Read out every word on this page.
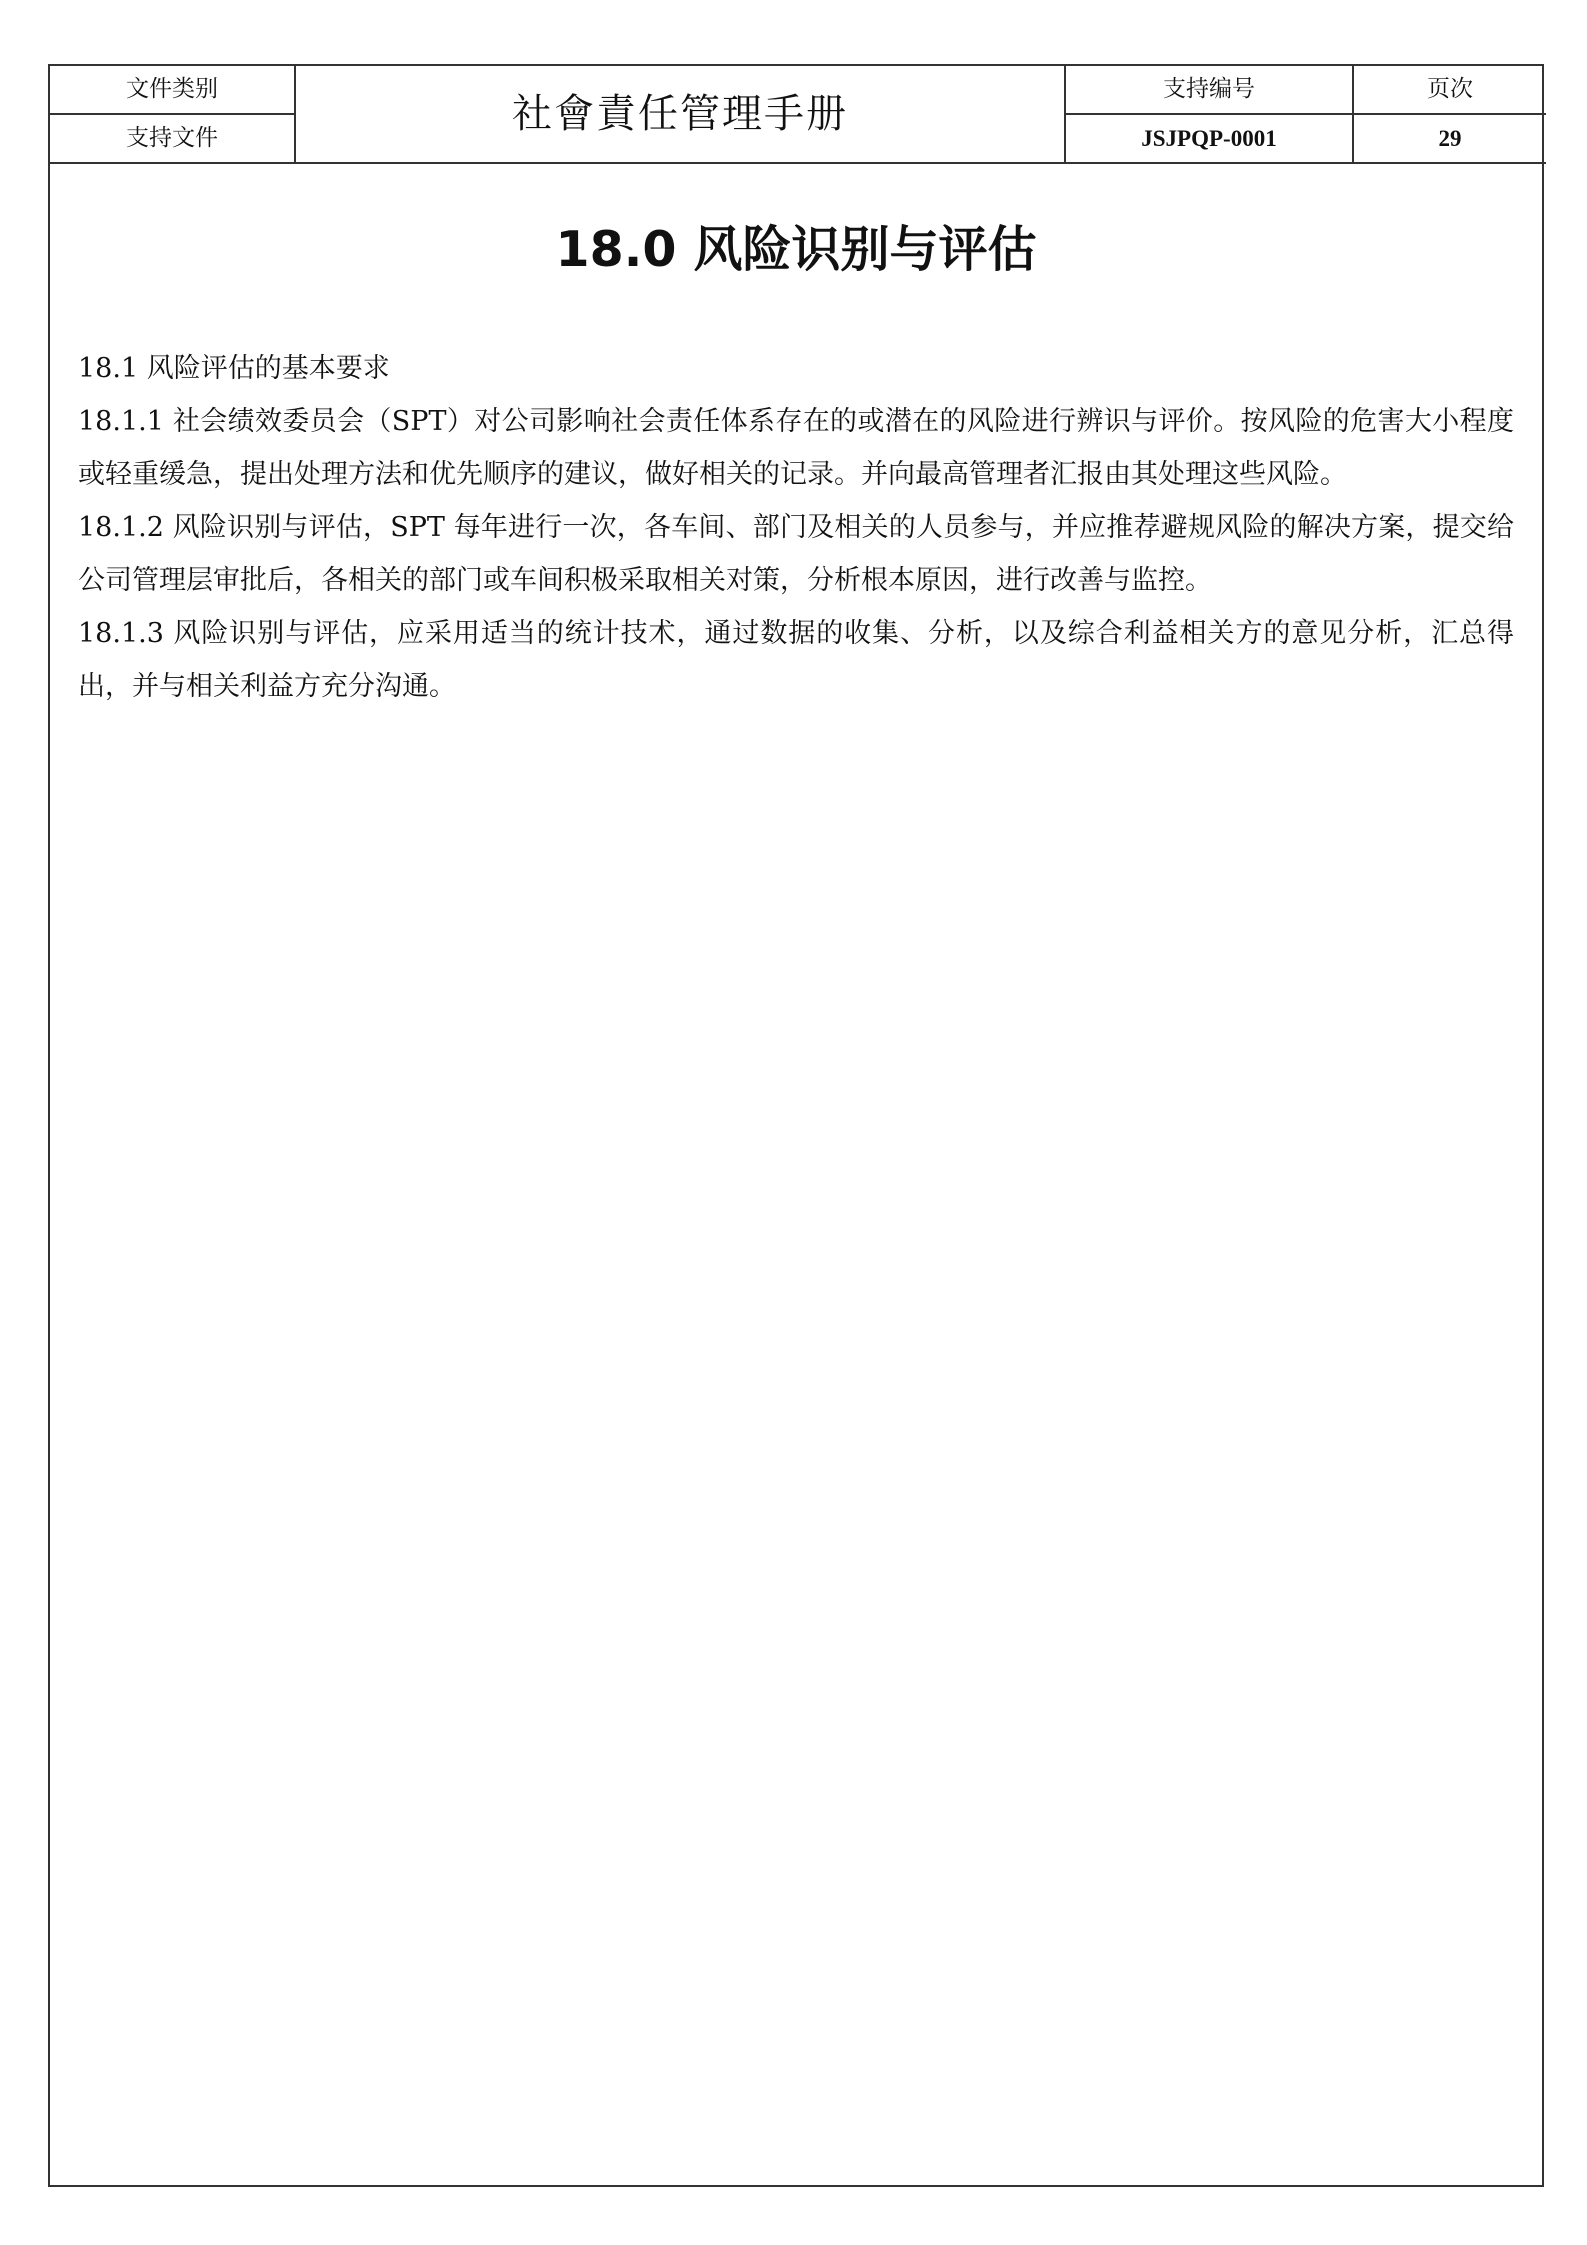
文件类别	社會責任管理手册	支持编号	页次
支持文件		JSJPQP-0001	29
18.0 风险识别与评估

18.1 风险评估的基本要求

18.1.1 社会绩效委员会（SPT）对公司影响社会责任体系存在的或潜在的风险进行辨识与评价。按风险的危害大小程度或轻重缓急，提出处理方法和优先顺序的建议，做好相关的记录。并向最高管理者汇报由其处理这些风险。

18.1.2 风险识别与评估，SPT 每年进行一次，各车间、部门及相关的人员参与，并应推荐避规风险的解决方案，提交给公司管理层审批后，各相关的部门或车间积极采取相关对策，分析根本原因，进行改善与监控。

18.1.3 风险识别与评估，应采用适当的统计技术，通过数据的收集、分析，以及综合利益相关方的意见分析，汇总得出，并与相关利益方充分沟通。
